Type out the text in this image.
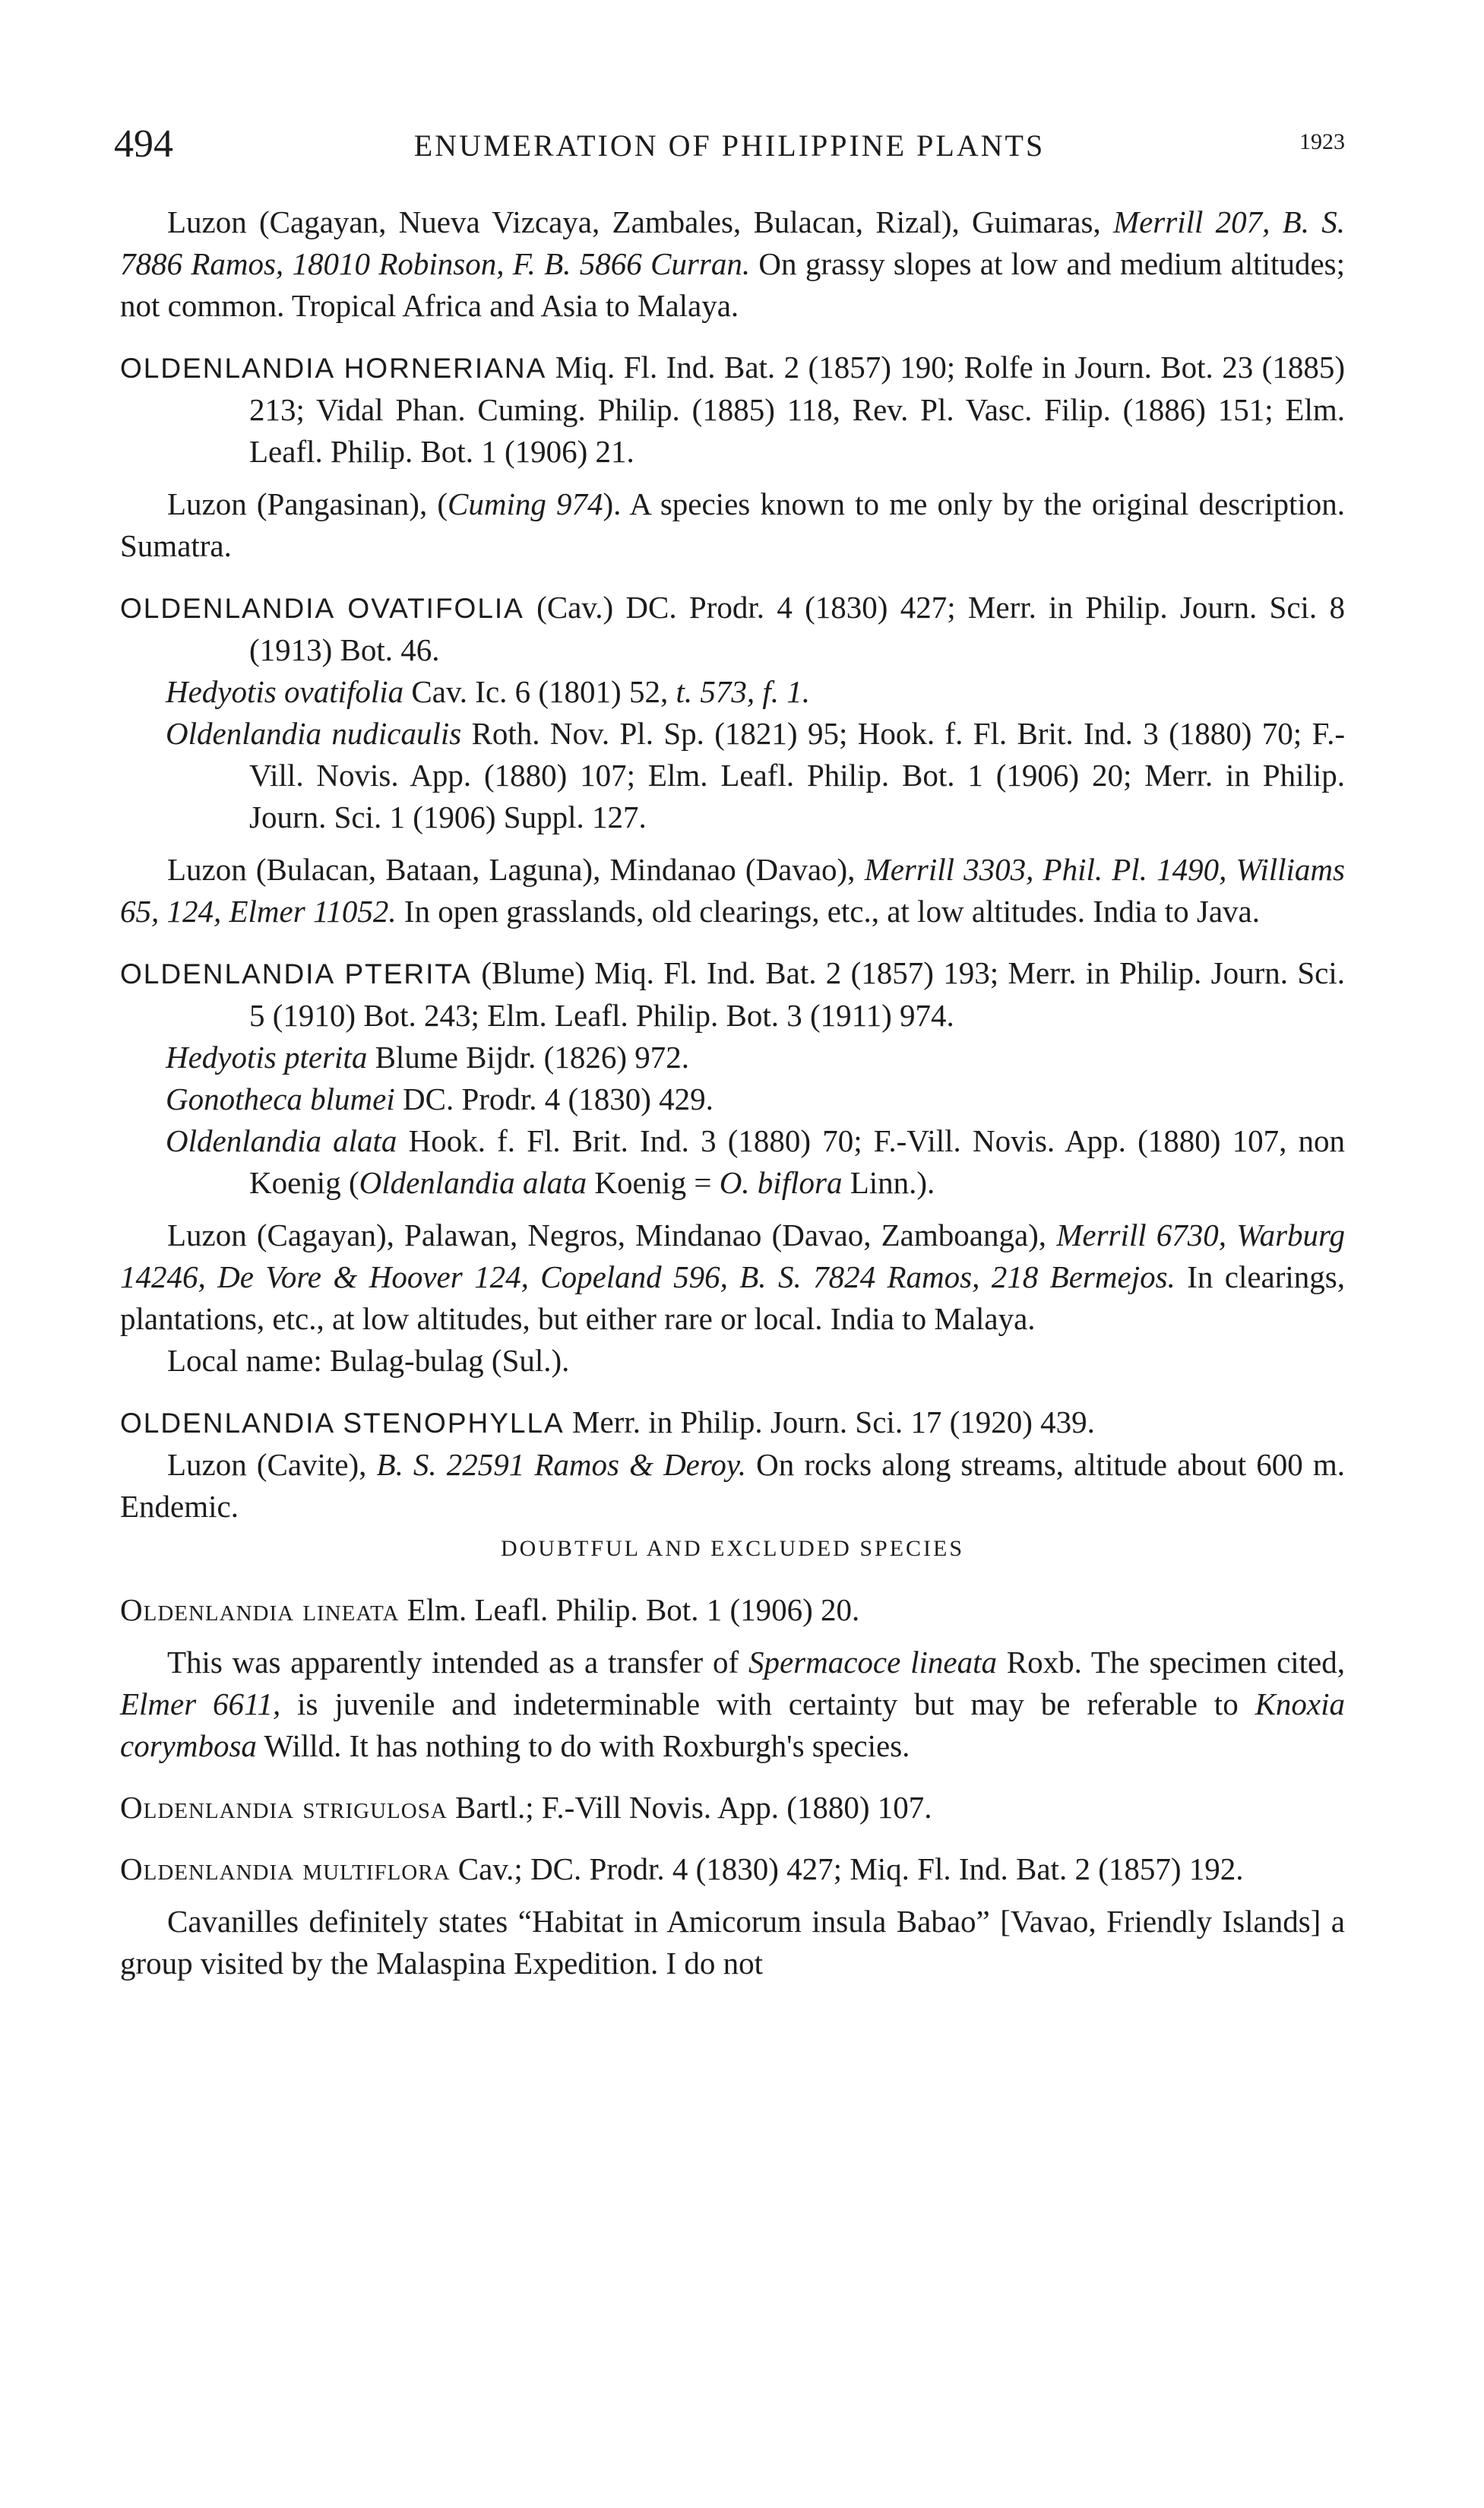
494	ENUMERATION OF PHILIPPINE PLANTS	1923

Luzon (Cagayan, Nueva Vizcaya, Zambales, Bulacan, Rizal), Guimaras, Merrill 207, B. S. 7886 Ramos, 18010 Robinson, F. B. 5866 Curran. On grassy slopes at low and medium altitudes; not common. Tropical Africa and Asia to Malaya.

OLDENLANDIA HORNERIANA Miq. Fl. Ind. Bat. 2 (1857) 190; Rolfe in Journ. Bot. 23 (1885) 213; Vidal Phan. Cuming. Philip. (1885) 118, Rev. Pl. Vasc. Filip. (1886) 151; Elm. Leafl. Philip. Bot. 1 (1906) 21.

Luzon (Pangasinan), (Cuming 974). A species known to me only by the original description. Sumatra.

OLDENLANDIA OVATIFOLIA (Cav.) DC. Prodr. 4 (1830) 427; Merr. in Philip. Journ. Sci. 8 (1913) Bot. 46.

Hedyotis ovatifolia Cav. Ic. 6 (1801) 52, t. 573, f. 1.

Oldenlandia nudicaulis Roth. Nov. Pl. Sp. (1821) 95; Hook. f. Fl. Brit. Ind. 3 (1880) 70; F.-Vill. Novis. App. (1880) 107; Elm. Leafl. Philip. Bot. 1 (1906) 20; Merr. in Philip. Journ. Sci. 1 (1906) Suppl. 127.

Luzon (Bulacan, Bataan, Laguna), Mindanao (Davao), Merrill 3303, Phil. Pl. 1490, Williams 65, 124, Elmer 11052. In open grasslands, old clearings, etc., at low altitudes. India to Java.

OLDENLANDIA PTERITA (Blume) Miq. Fl. Ind. Bat. 2 (1857) 193; Merr. in Philip. Journ. Sci. 5 (1910) Bot. 243; Elm. Leafl. Philip. Bot. 3 (1911) 974.

Hedyotis pterita Blume Bijdr. (1826) 972.

Gonotheca blumei DC. Prodr. 4 (1830) 429.

Oldenlandia alata Hook. f. Fl. Brit. Ind. 3 (1880) 70; F.-Vill. Novis. App. (1880) 107, non Koenig (Oldenlandia alata Koenig = O. biflora Linn.).

Luzon (Cagayan), Palawan, Negros, Mindanao (Davao, Zamboanga), Merrill 6730, Warburg 14246, De Vore & Hoover 124, Copeland 596, B. S. 7824 Ramos, 218 Bermejos. In clearings, plantations, etc., at low altitudes, but either rare or local. India to Malaya.

Local name: Bulag-bulag (Sul.).

OLDENLANDIA STENOPHYLLA Merr. in Philip. Journ. Sci. 17 (1920) 439.

Luzon (Cavite), B. S. 22591 Ramos & Deroy. On rocks along streams, altitude about 600 m. Endemic.

DOUBTFUL AND EXCLUDED SPECIES

Oldenlandia lineata Elm. Leafl. Philip. Bot. 1 (1906) 20.

This was apparently intended as a transfer of Spermacoce lineata Roxb. The specimen cited, Elmer 6611, is juvenile and indeterminable with certainty but may be referable to Knoxia corymbosa Willd. It has nothing to do with Roxburgh's species.

Oldenlandia strigulosa Bartl.; F.-Vill Novis. App. (1880) 107.

Oldenlandia multiflora Cav.; DC. Prodr. 4 (1830) 427; Miq. Fl. Ind. Bat. 2 (1857) 192.

Cavanilles definitely states “Habitat in Amicorum insula Babao” [Vavao, Friendly Islands] a group visited by the Malaspina Expedition. I do not
